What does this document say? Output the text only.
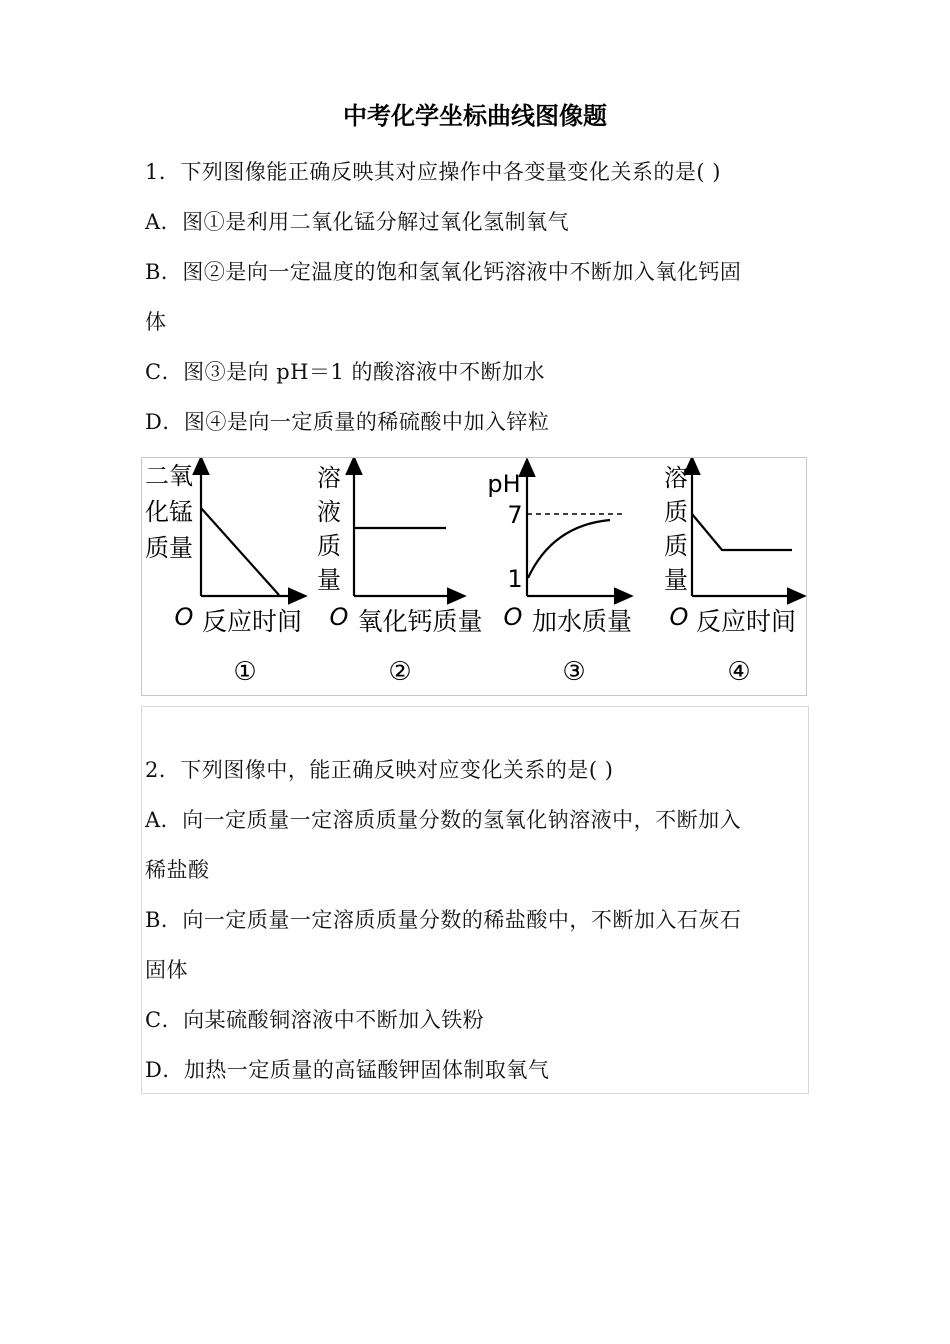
中考化学坐标曲线图像题
1．下列图像能正确反映其对应操作中各变量变化关系的是( )
A．图①是利用二氧化锰分解过氧化氢制氧气
B．图②是向一定温度的饱和氢氧化钙溶液中不断加入氧化钙固
体
C．图③是向 pH＝1 的酸溶液中不断加水
D．图④是向一定质量的稀硫酸中加入锌粒
二氧
化锰
质量
O 反应时间
①
溶
液
质
量
O 氧化钙质量
②
pH
7
1
O 加水质量
③
溶
质
质
量
O 反应时间
④
2．下列图像中，能正确反映对应变化关系的是( )
A．向一定质量一定溶质质量分数的氢氧化钠溶液中，不断加入
稀盐酸
B．向一定质量一定溶质质量分数的稀盐酸中，不断加入石灰石
固体
C．向某硫酸铜溶液中不断加入铁粉
D．加热一定质量的高锰酸钾固体制取氧气
